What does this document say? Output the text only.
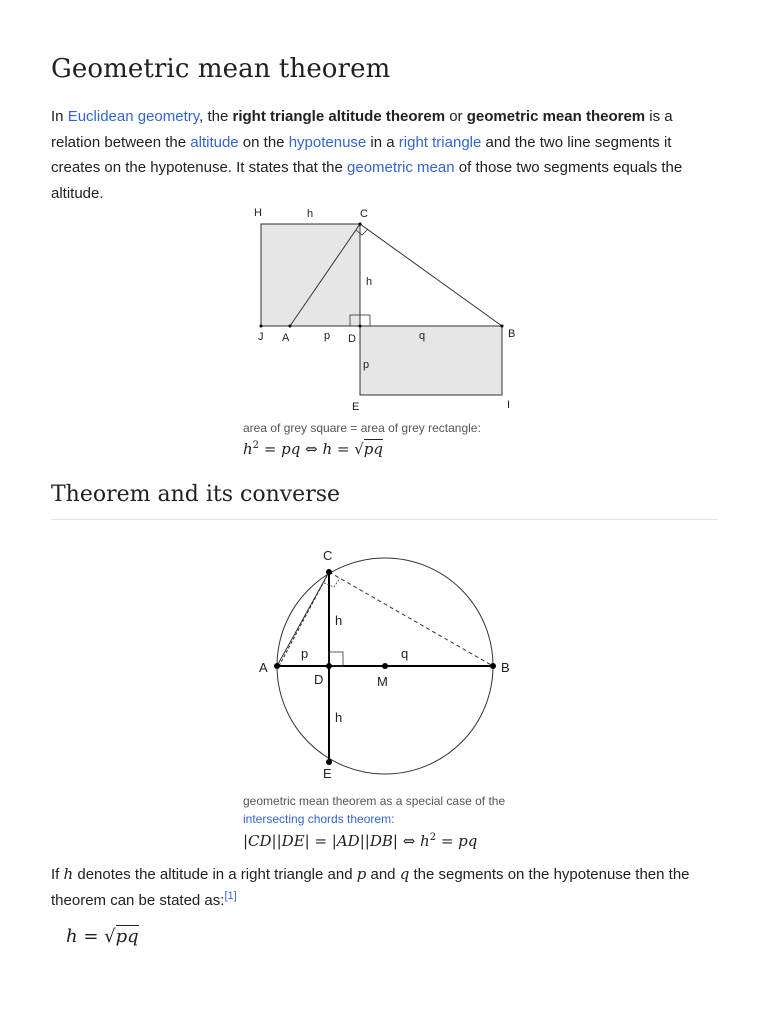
Geometric mean theorem

In Euclidean geometry, the right triangle altitude theorem or geometric mean theorem is a relation between the altitude on the hypotenuse in a right triangle and the two line segments it creates on the hypotenuse. It states that the geometric mean of those two segments equals the altitude.

H	h	C
h
J A	p D	q	B
p
E	I
area of grey square = area of grey rectangle:
$h^2$ = pq ⇔ h = √pq
Theorem and its converse
C
h
A
p	q
B
D	M
h
E
geometric mean theorem as a special case of the
intersecting chords theorem:
|CD||DE| = |AD||DB| ⇔ $h^2$ = pq

If h denotes the altitude in a right triangle and p and q the segments on the hypotenuse then the theorem can be stated as:[1]

h = √pq
